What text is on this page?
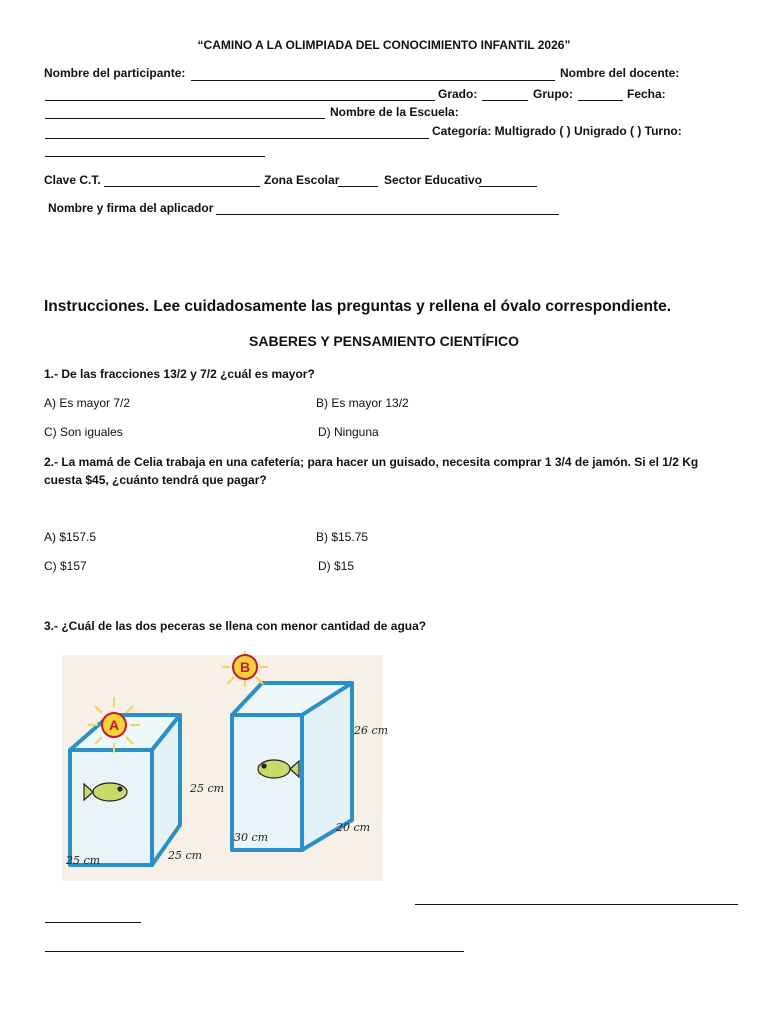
“CAMINO A LA OLIMPIADA DEL CONOCIMIENTO INFANTIL 2026”
Nombre del participante:	Nombre del docente:
Grado:	Grupo:	Fecha:
Nombre de la Escuela:
Categoría: Multigrado ( ) Unigrado ( ) Turno:
Clave C.T.	Zona Escolar	Sector Educativo
Nombre y firma del aplicador
Instrucciones. Lee cuidadosamente las preguntas y rellena el óvalo correspondiente.
SABERES Y PENSAMIENTO CIENTÍFICO
1.- De las fracciones 13/2 y 7/2 ¿cuál es mayor?
A) Es mayor 7/2	B) Es mayor 13/2
C) Son iguales	D) Ninguna
2.- La mamá de Celia trabaja en una cafetería; para hacer un guisado, necesita comprar 1 3/4 de jamón. Si el 1/2 Kg
cuesta $45, ¿cuánto tendrá que pagar?
A) $157.5	B) $15.75
C) $157	D) $15
3.- ¿Cuál de las dos peceras se llena con menor cantidad de agua?
A
B
25 cm
25 cm	25 cm
26 cm
20 cm
30 cm
